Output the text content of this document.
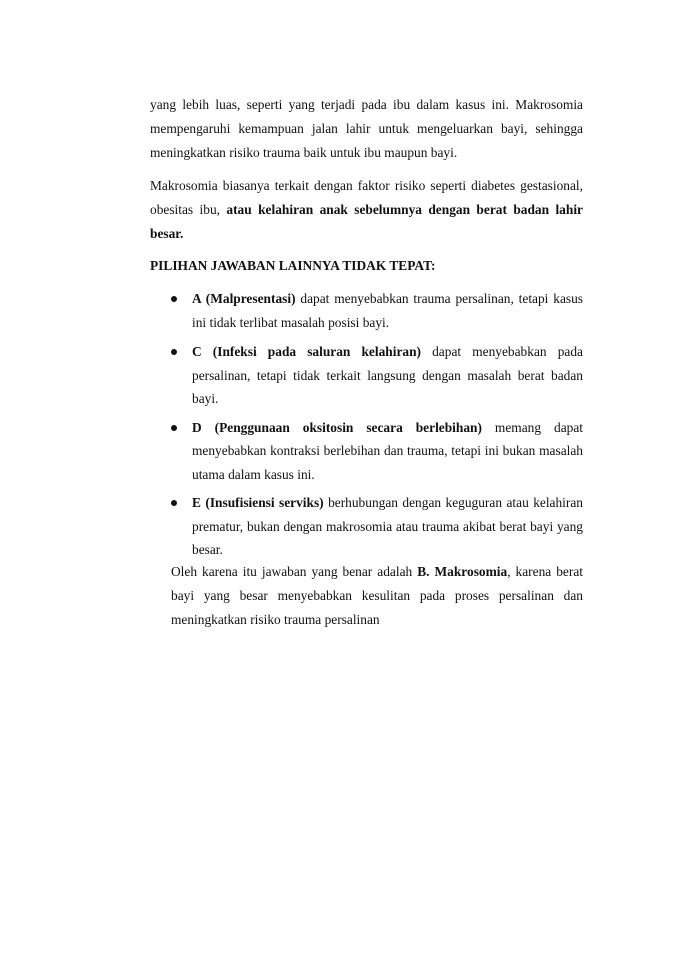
yang lebih luas, seperti yang terjadi pada ibu dalam kasus ini. Makrosomia mempengaruhi kemampuan jalan lahir untuk mengeluarkan bayi, sehingga meningkatkan risiko trauma baik untuk ibu maupun bayi.

Makrosomia biasanya terkait dengan faktor risiko seperti diabetes gestasional, obesitas ibu, atau kelahiran anak sebelumnya dengan berat badan lahir besar.

PILIHAN JAWABAN LAINNYA TIDAK TEPAT:

A (Malpresentasi) dapat menyebabkan trauma persalinan, tetapi kasus ini tidak terlibat masalah posisi bayi.
C (Infeksi pada saluran kelahiran) dapat menyebabkan pada persalinan, tetapi tidak terkait langsung dengan masalah berat badan bayi.
D (Penggunaan oksitosin secara berlebihan) memang dapat menyebabkan kontraksi berlebihan dan trauma, tetapi ini bukan masalah utama dalam kasus ini.
E (Insufisiensi serviks) berhubungan dengan keguguran atau kelahiran prematur, bukan dengan makrosomia atau trauma akibat berat bayi yang besar.

Oleh karena itu jawaban yang benar adalah B. Makrosomia, karena berat bayi yang besar menyebabkan kesulitan pada proses persalinan dan meningkatkan risiko trauma persalinan
